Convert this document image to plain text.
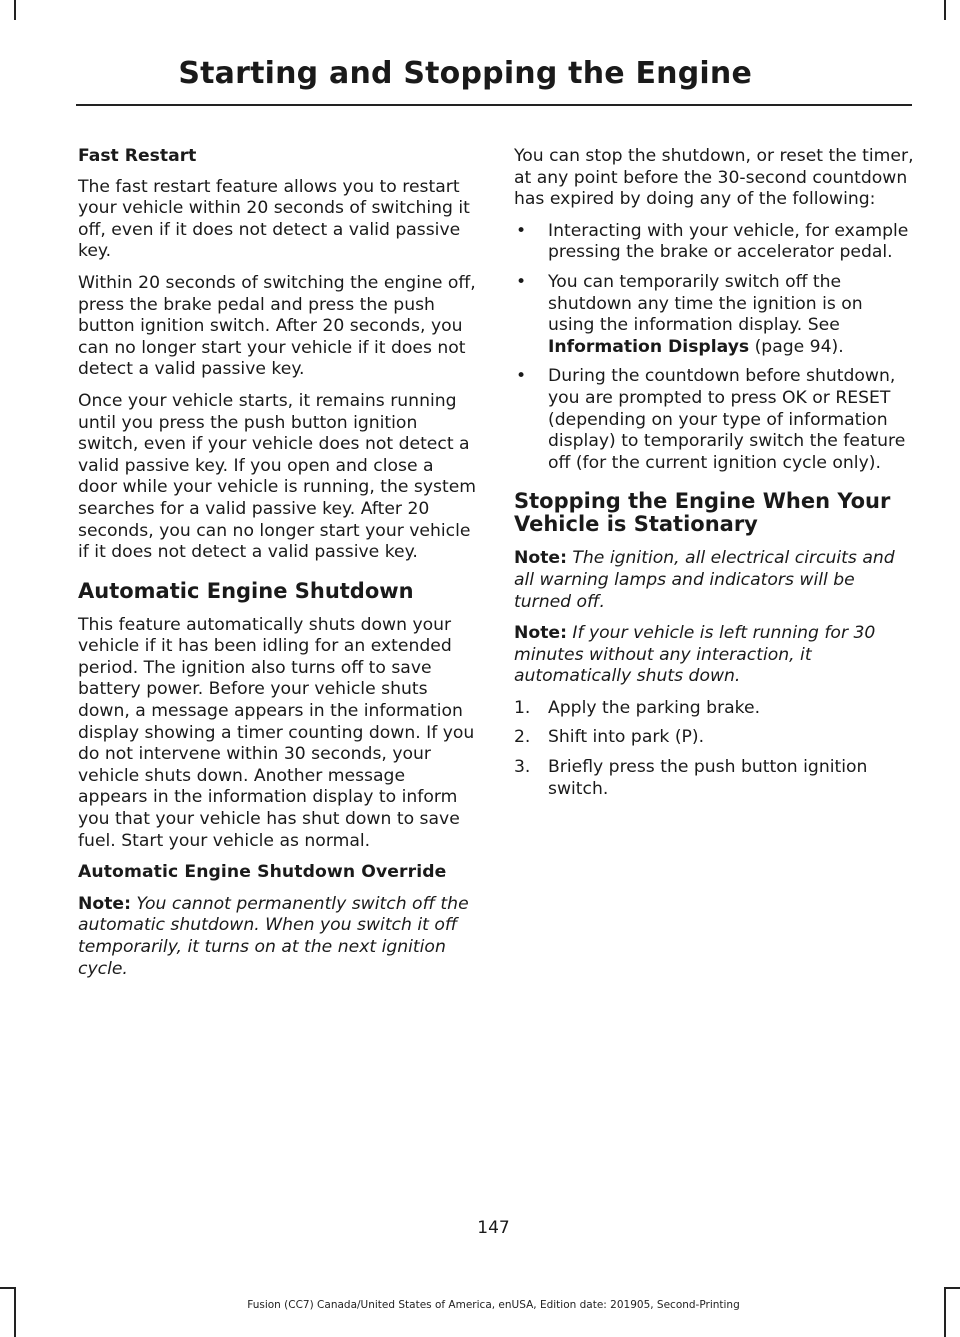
Starting and Stopping the Engine

Fast Restart

The fast restart feature allows you to restart your vehicle within 20 seconds of switching it off, even if it does not detect a valid passive key.

Within 20 seconds of switching the engine off, press the brake pedal and press the push button ignition switch. After 20 seconds, you can no longer start your vehicle if it does not detect a valid passive key.

Once your vehicle starts, it remains running until you press the push button ignition switch, even if your vehicle does not detect a valid passive key. If you open and close a door while your vehicle is running, the system searches for a valid passive key. After 20 seconds, you can no longer start your vehicle if it does not detect a valid passive key.

Automatic Engine Shutdown

This feature automatically shuts down your vehicle if it has been idling for an extended period. The ignition also turns off to save battery power. Before your vehicle shuts down, a message appears in the information display showing a timer counting down. If you do not intervene within 30 seconds, your vehicle shuts down. Another message appears in the information display to inform you that your vehicle has shut down to save fuel. Start your vehicle as normal.

Automatic Engine Shutdown Override

Note: You cannot permanently switch off the automatic shutdown. When you switch it off temporarily, it turns on at the next ignition cycle.

You can stop the shutdown, or reset the timer, at any point before the 30-second countdown has expired by doing any of the following:

• Interacting with your vehicle, for example pressing the brake or accelerator pedal.
• You can temporarily switch off the shutdown any time the ignition is on using the information display. See Information Displays (page 94).
• During the countdown before shutdown, you are prompted to press OK or RESET (depending on your type of information display) to temporarily switch the feature off (for the current ignition cycle only).
Stopping the Engine When Your Vehicle is Stationary

Note: The ignition, all electrical circuits and all warning lamps and indicators will be turned off.

Note: If your vehicle is left running for 30 minutes without any interaction, it automatically shuts down.

1. Apply the parking brake.
2. Shift into park (P).
3. Briefly press the push button ignition switch.
147
Fusion (CC7) Canada/United States of America, enUSA, Edition date: 201905, Second-Printing
